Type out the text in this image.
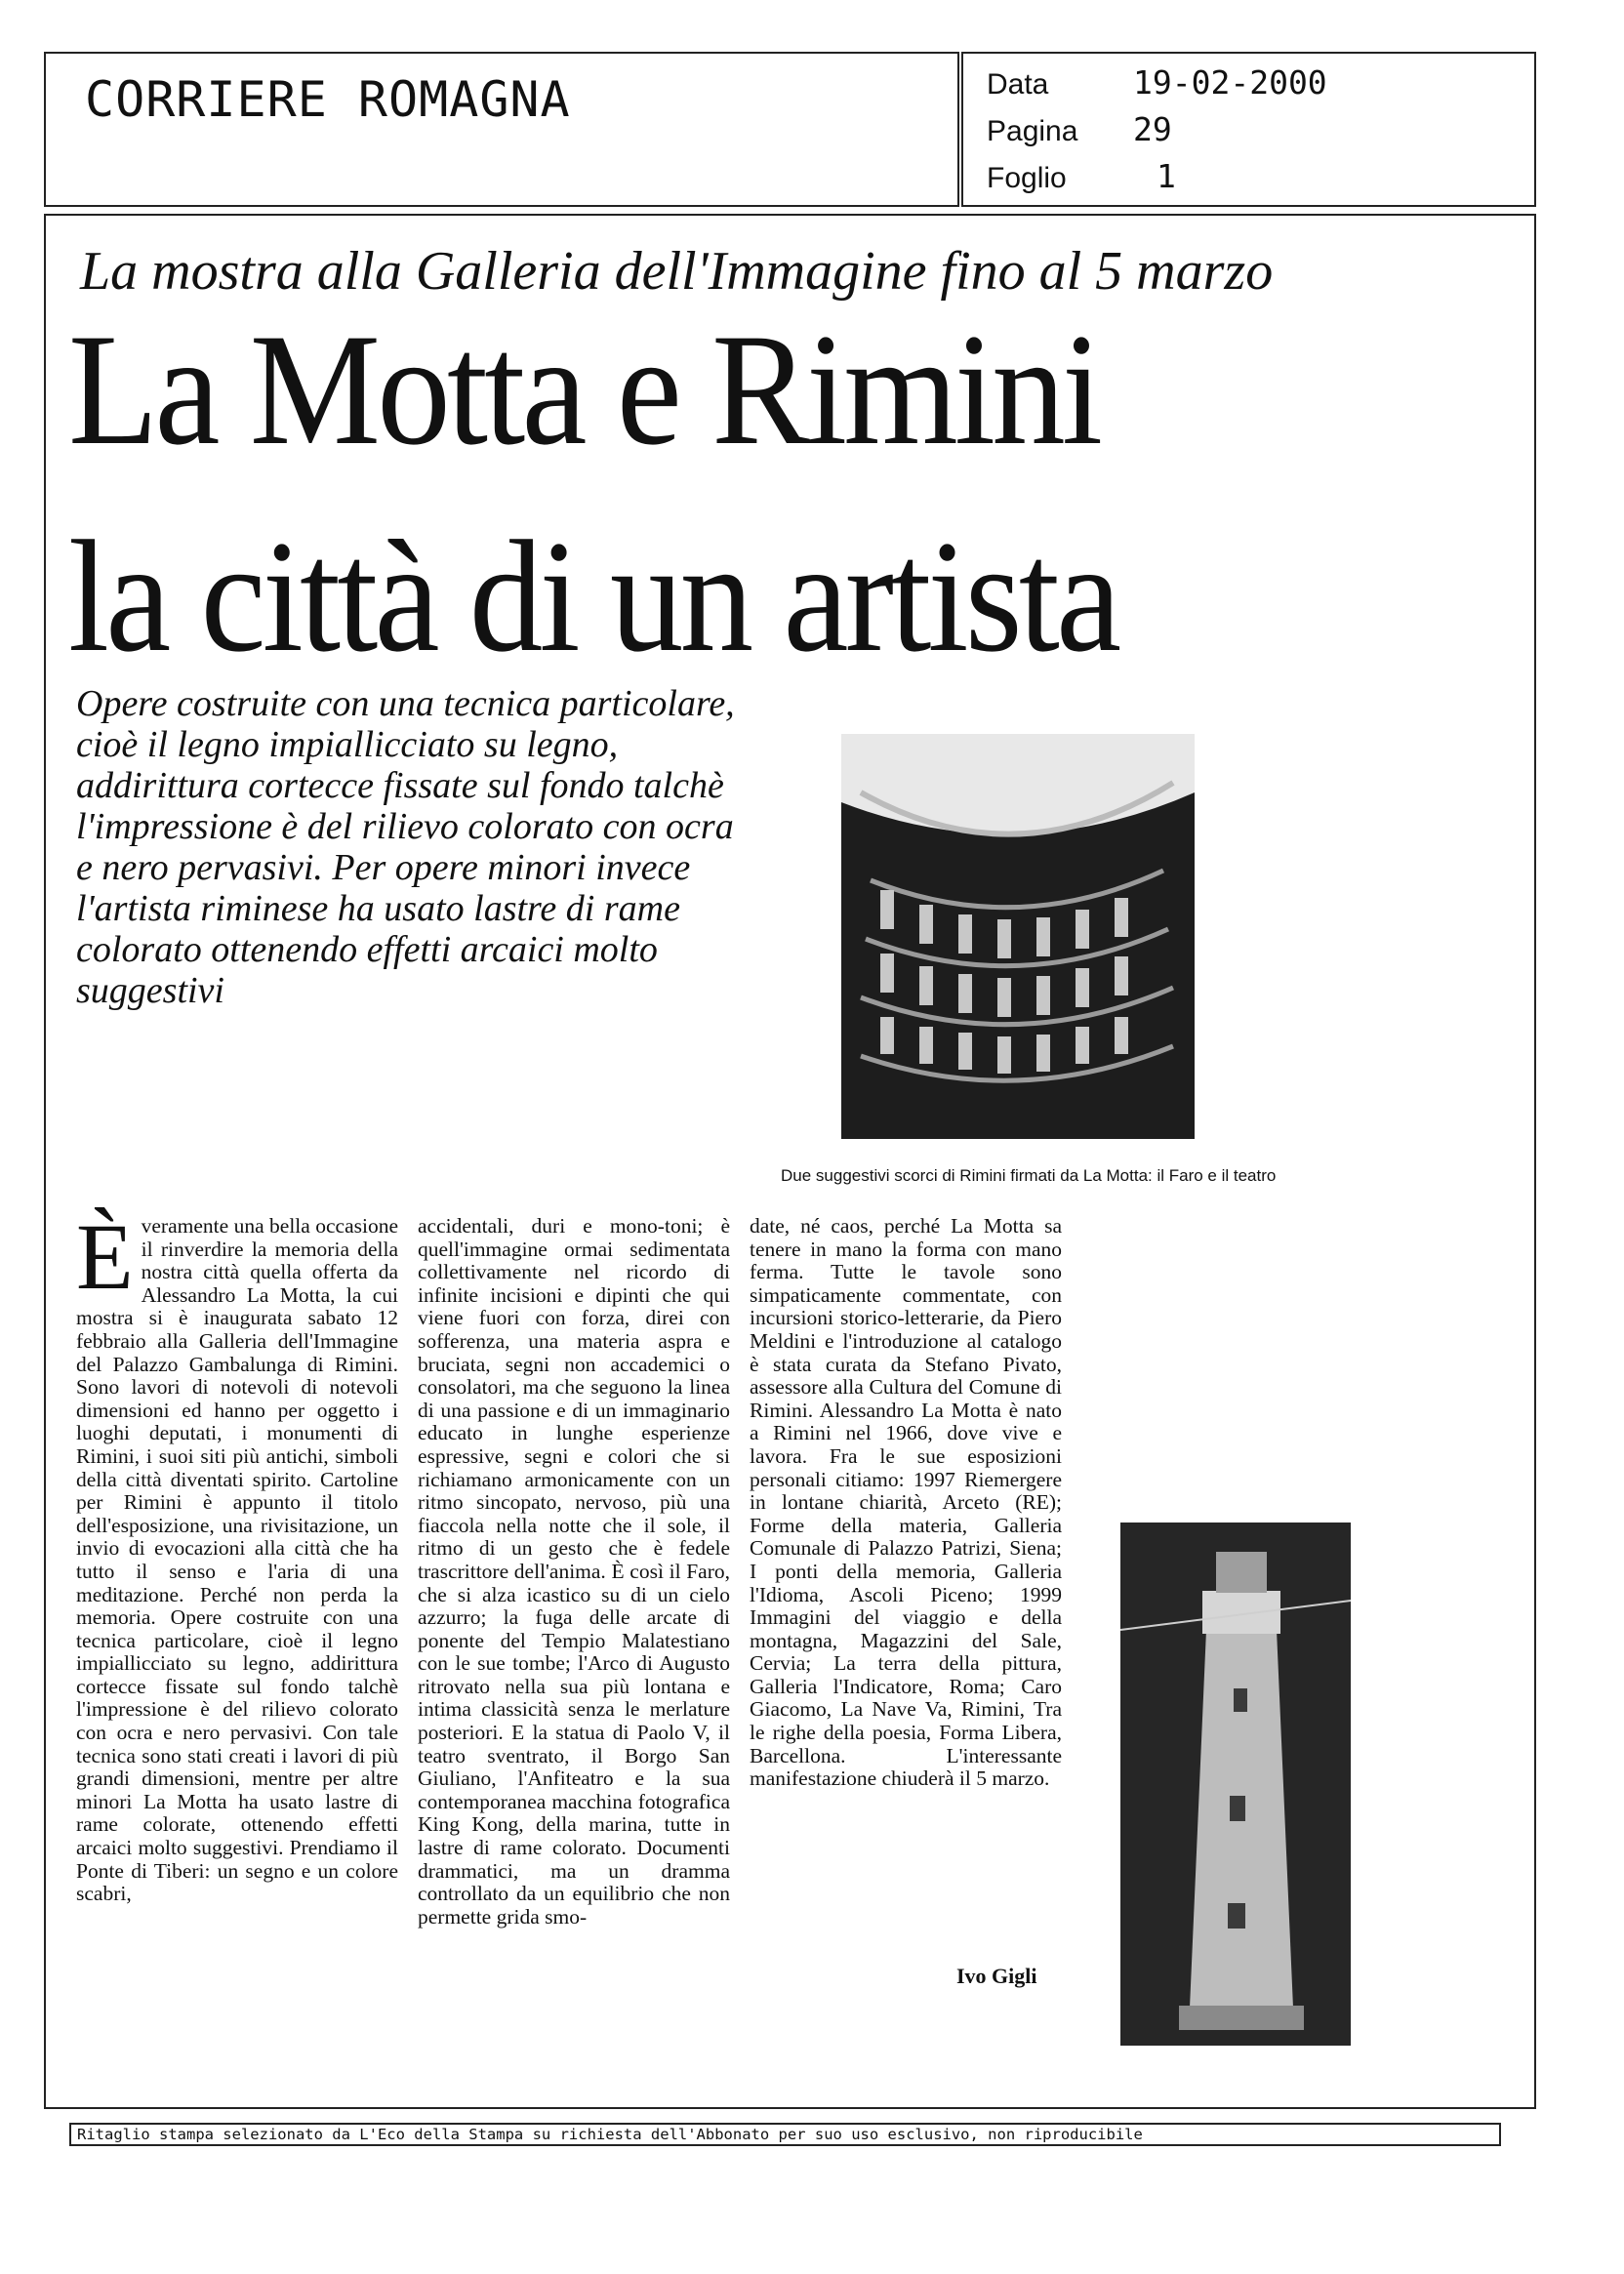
CORRIERE ROMAGNA	Data	19-02-2000
Pagina 29
Foglio	1
La mostra alla Galleria dell'Immagine fino al 5 marzo
La Motta e Rimini
la città di un artista
Opere costruite con una tecnica particolare, cioè il legno impiallicciato su legno, addirittura cortecce fissate sul fondo talchè l'impressione è del rilievo colorato con ocra e nero pervasivi. Per opere minori invece l'artista riminese ha usato lastre di rame colorato ottenendo effetti arcaici molto suggestivi
Due suggestivi scorci di Rimini firmati da La Motta: il Faro e il teatro
È veramente una bella occasione il rinverdire la memoria della nostra città quella offerta da Alessandro La Motta, la cui mostra si è inaugurata sabato 12 febbraio alla Galleria dell'Immagine del Palazzo Gambalunga di Rimini. Sono lavori di notevoli di notevoli dimensioni ed hanno per oggetto i luoghi deputati, i monumenti di Rimini, i suoi siti più antichi, simboli della città diventati spirito. Cartoline per Rimini è appunto il titolo dell'esposizione, una rivisitazione, un invio di evocazioni alla città che ha tutto il senso e l'aria di una meditazione. Perché non perda la memoria. Opere costruite con una tecnica particolare, cioè il legno impiallicciato su legno, addirittura cortecce fissate sul fondo talchè l'impressione è del rilievo colorato con ocra e nero pervasivi. Con tale tecnica sono stati creati i lavori di più grandi dimensioni, mentre per altre minori La Motta ha usato lastre di rame colorate, ottenendo effetti arcaici molto suggestivi. Prendiamo il Ponte di Tiberi: un segno e un colore scabri,

accidentali, duri e mono-toni; è quell'immagine ormai sedimentata collettivamente nel ricordo di infinite incisioni e dipinti che qui viene fuori con forza, direi con sofferenza, una materia aspra e bruciata, segni non accademici o consolatori, ma che seguono la linea di una passione e di un immaginario educato in lunghe esperienze espressive, segni e colori che si richiamano armonicamente con un ritmo sincopato, nervoso, più una fiaccola nella notte che il sole, il ritmo di un gesto che è fedele trascrittore dell'anima. È così il Faro, che si alza icastico su di un cielo azzurro; la fuga delle arcate di ponente del Tempio Malatestiano con le sue tombe; l'Arco di Augusto ritrovato nella sua più lontana e intima classicità senza le merlature posteriori. E la statua di Paolo V, il teatro sventrato, il Borgo San Giuliano, l'Anfiteatro e la sua contemporanea macchina fotografica King Kong, della marina, tutte in lastre di rame colorato. Documenti drammatici, ma un dramma controllato da un equilibrio che non permette grida smo-

date, né caos, perché La Motta sa tenere in mano la forma con mano ferma. Tutte le tavole sono simpaticamente commentate, con incursioni storico-letterarie, da Piero Meldini e l'introduzione al catalogo è stata curata da Stefano Pivato, assessore alla Cultura del Comune di Rimini. Alessandro La Motta è nato a Rimini nel 1966, dove vive e lavora. Fra le sue esposizioni personali citiamo: 1997 Riemergere in lontane chiarità, Arceto (RE); Forme della materia, Galleria Comunale di Palazzo Patrizi, Siena; I ponti della memoria, Galleria l'Idioma, Ascoli Piceno; 1999 Immagini del viaggio e della montagna, Magazzini del Sale, Cervia; La terra della pittura, Galleria l'Indicatore, Roma; Caro Giacomo, La Nave Va, Rimini, Tra le righe della poesia, Forma Libera, Barcellona. L'interessante manifestazione chiuderà il 5 marzo.

Ivo Gigli
Ritaglio stampa selezionato da L'Eco della Stampa su richiesta dell'Abbonato per suo uso esclusivo, non riproducibile
